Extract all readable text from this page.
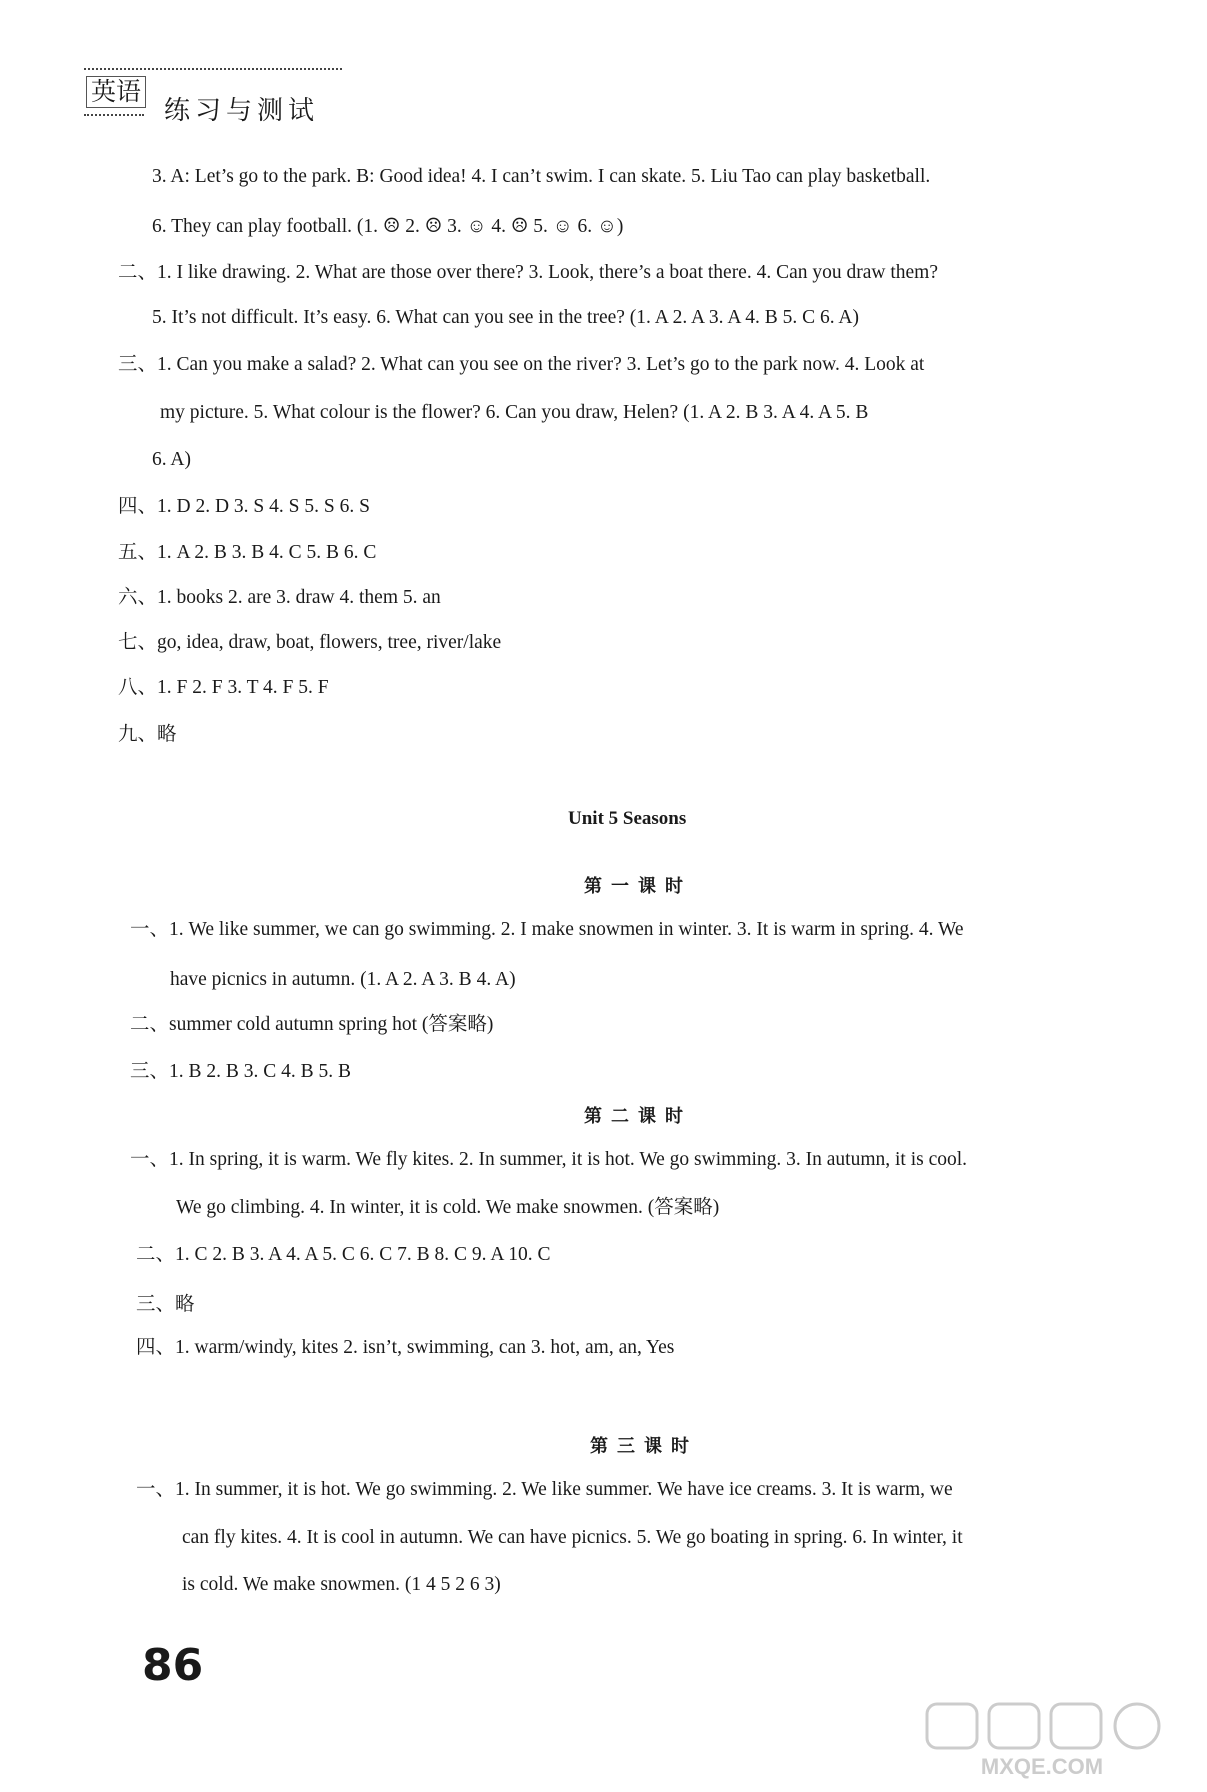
英语
练习与测试
3. A: Let’s go to the park. B: Good idea! 4. I can’t swim. I can skate. 5. Liu Tao can play basketball.
6. They can play football. (1. ☹ 2. ☹ 3. ☺ 4. ☹ 5. ☺ 6. ☺)
二、1. I like drawing. 2. What are those over there? 3. Look, there’s a boat there. 4. Can you draw them?
5. It’s not difficult. It’s easy. 6. What can you see in the tree? (1. A 2. A 3. A 4. B 5. C 6. A)
三、1. Can you make a salad? 2. What can you see on the river? 3. Let’s go to the park now. 4. Look at
my picture. 5. What colour is the flower? 6. Can you draw, Helen? (1. A 2. B 3. A 4. A 5. B
6. A)
四、1. D 2. D 3. S 4. S 5. S 6. S
五、1. A 2. B 3. B 4. C 5. B 6. C
六、1. books 2. are 3. draw 4. them 5. an
七、go, idea, draw, boat, flowers, tree, river/lake
八、1. F 2. F 3. T 4. F 5. F
九、略
一、1. We like summer, we can go swimming. 2. I make snowmen in winter. 3. It is warm in spring. 4. We
have picnics in autumn. (1. A 2. A 3. B 4. A)
二、summer cold autumn spring hot (答案略)
三、1. B 2. B 3. C 4. B 5. B
一、1. In spring, it is warm. We fly kites. 2. In summer, it is hot. We go swimming. 3. In autumn, it is cool.
We go climbing. 4. In winter, it is cold. We make snowmen. (答案略)
二、1. C 2. B 3. A 4. A 5. C 6. C 7. B 8. C 9. A 10. C
三、略
四、1. warm/windy, kites 2. isn’t, swimming, can 3. hot, am, an, Yes
一、1. In summer, it is hot. We go swimming. 2. We like summer. We have ice creams. 3. It is warm, we
can fly kites. 4. It is cool in autumn. We can have picnics. 5. We go boating in spring. 6. In winter, it
is cold. We make snowmen. (1 4 5 2 6 3)
Unit 5 Seasons
第一课时
第二课时
第三课时
86
MXQE.COM
